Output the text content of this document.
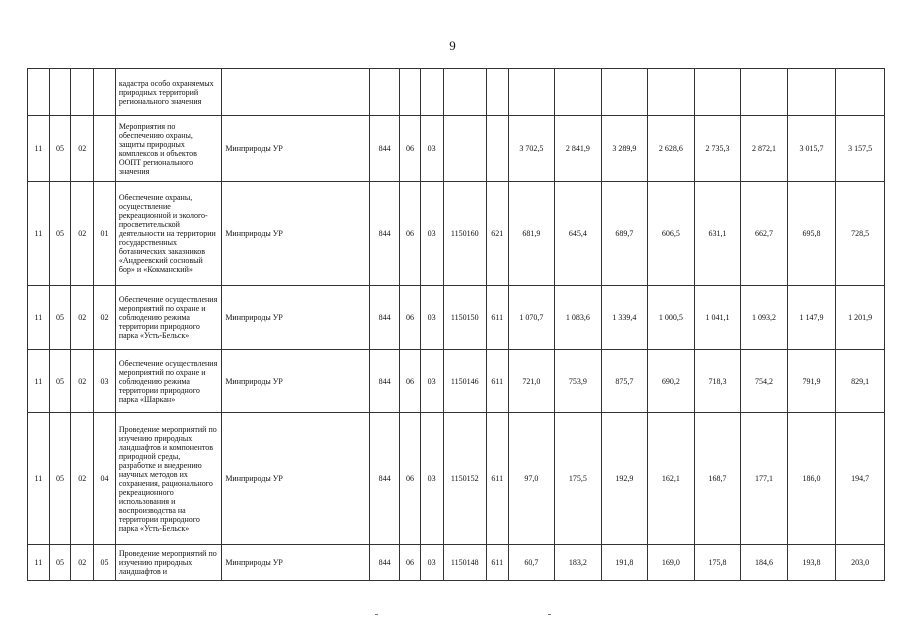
9
				кадастра особо охраняемых природных территорий регионального значения														
11	05	02		Мероприятия по обеспечению охраны, защиты природных комплексов и объектов ООПТ регионального значения	Минприроды УР	844	06	03			3 702,5	2 841,9	3 289,9	2 628,6	2 735,3	2 872,1	3 015,7	3 157,5
11	05	02	01	Обеспечение охраны, осуществление рекреационной и эколого-просветительской деятельности на территории государственных ботанических заказников «Андреевский сосновый бор» и «Кокманский»	Минприроды УР	844	06	03	1150160	621	681,9	645,4	689,7	606,5	631,1	662,7	695,8	728,5
11	05	02	02	Обеспечение осуществления мероприятий по охране и соблюдению режима территории природного парка «Усть-Бельск»	Минприроды УР	844	06	03	1150150	611	1 070,7	1 083,6	1 339,4	1 000,5	1 041,1	1 093,2	1 147,9	1 201,9
11	05	02	03	Обеспечение осуществления мероприятий по охране и соблюдению режима территории природного парка «Шаркан»	Минприроды УР	844	06	03	1150146	611	721,0	753,9	875,7	690,2	718,3	754,2	791,9	829,1
11	05	02	04	Проведение мероприятий по изучению природных ландшафтов и компонентов природной среды, разработке и внедрению научных методов их сохранения, рационального рекреационного использования и воспроизводства на территории природного парка «Усть-Бельск»	Минприроды УР	844	06	03	1150152	611	97,0	175,5	192,9	162,1	168,7	177,1	186,0	194,7
11	05	02	05	Проведение мероприятий по изучению природных ландшафтов и	Минприроды УР	844	06	03	1150148	611	60,7	183,2	191,8	169,0	175,8	184,6	193,8	203,0
